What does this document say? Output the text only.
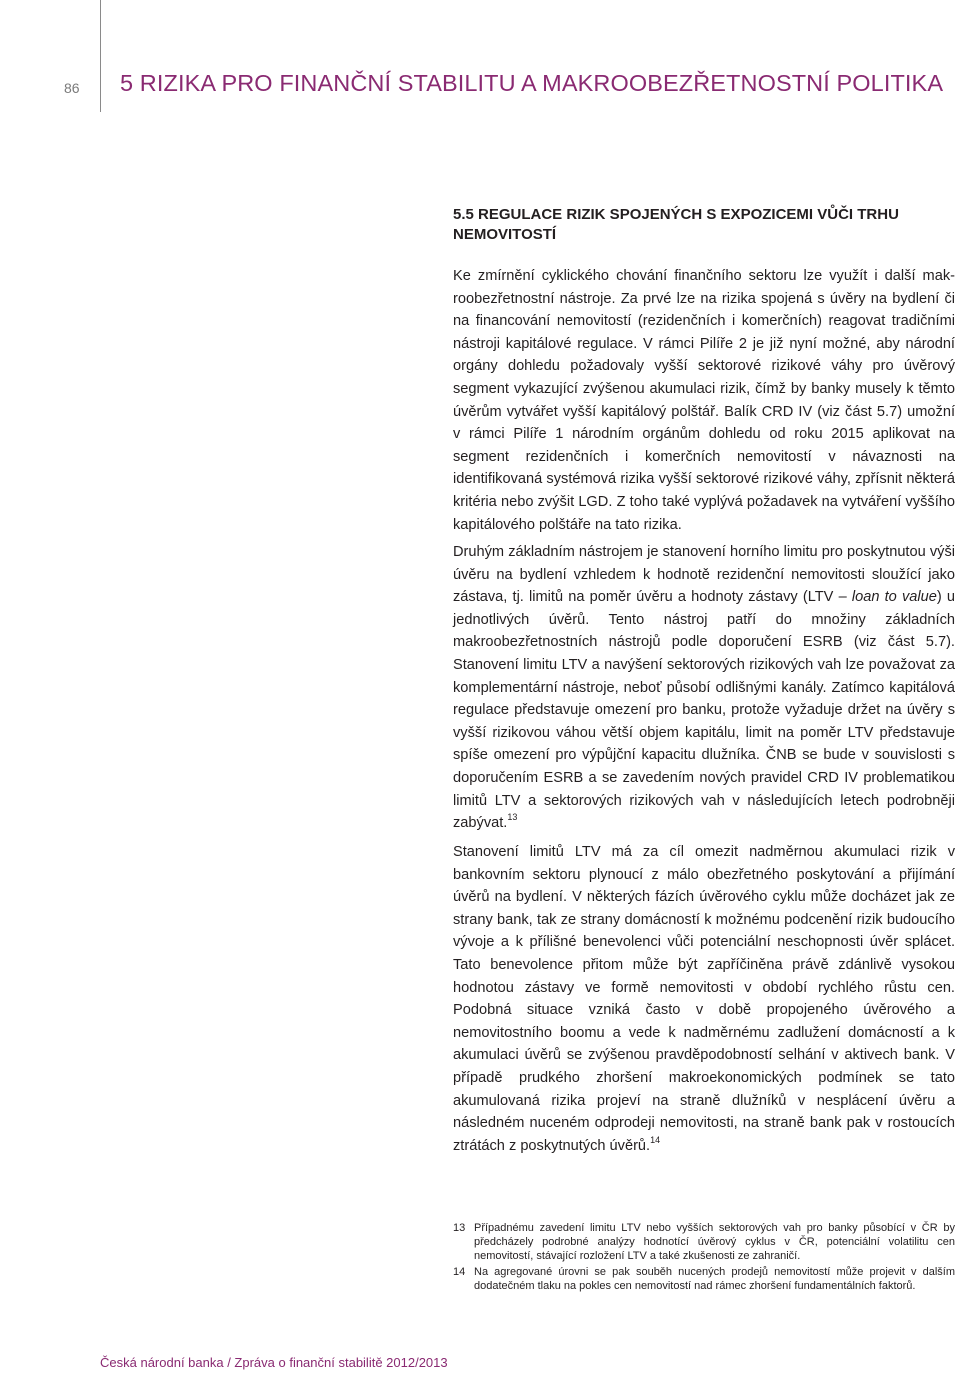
86 5 RIZIKA PRO FINANČNÍ STABILITU A MAKROOBEZŘETNOSTNÍ POLITIKA
5.5 REGULACE RIZIK SPOJENÝCH S EXPOZICEMI VŮČI TRHU NEMOVITOSTÍ

Ke zmírnění cyklického chování finančního sektoru lze využít i další makroobezřetnostní nástroje. Za prvé lze na rizika spojená s úvěry na bydlení či na financování nemovitostí (rezidenčních i komerčních) reagovat tradičními nástroji kapitálové regulace. V rámci Pilíře 2 je již nyní možné, aby národní orgány dohledu požadovaly vyšší sektorové rizikové váhy pro úvěrový segment vykazující zvýšenou akumulaci rizik, čímž by banky musely k těmto úvěrům vytvářet vyšší kapitálový polštář. Balík CRD IV (viz část 5.7) umožní v rámci Pilíře 1 národním orgánům dohledu od roku 2015 aplikovat na segment rezidenčních i komerčních nemovitostí v návaznosti na identifikovaná systémová rizika vyšší sektorové rizikové váhy, zpřísnit některá kritéria nebo zvýšit LGD. Z toho také vyplývá požadavek na vytváření vyššího kapitálového polštáře na tato rizika.

Druhým základním nástrojem je stanovení horního limitu pro poskytnutou výši úvěru na bydlení vzhledem k hodnotě rezidenční nemovitosti sloužící jako zástava, tj. limitů na poměr úvěru a hodnoty zástavy (LTV – loan to value) u jednotlivých úvěrů. Tento nástroj patří do množiny základních makroobezřetnostních nástrojů podle doporučení ESRB (viz část 5.7). Stanovení limitu LTV a navýšení sektorových rizikových vah lze považovat za komplementární nástroje, neboť působí odlišnými kanály. Zatímco kapitálová regulace představuje omezení pro banku, protože vyžaduje držet na úvěry s vyšší rizikovou váhou větší objem kapitálu, limit na poměr LTV představuje spíše omezení pro výpůjční kapacitu dlužníka. ČNB se bude v souvislosti s doporučením ESRB a se zavedením nových pravidel CRD IV problematikou limitů LTV a sektorových rizikových vah v následujících letech podrobněji zabývat.$^{13}$

Stanovení limitů LTV má za cíl omezit nadměrnou akumulaci rizik v bankovním sektoru plynoucí z málo obezřetného poskytování a přijímání úvěrů na bydlení. V některých fázích úvěrového cyklu může docházet jak ze strany bank, tak ze strany domácností k možnému podcenění rizik budoucího vývoje a k přílišné benevolenci vůči potenciální neschopnosti úvěr splácet. Tato benevolence přitom může být zapříčiněna právě zdánlivě vysokou hodnotou zástavy ve formě nemovitosti v období rychlého růstu cen. Podobná situace vzniká často v době propojeného úvěrového a nemovitostního boomu a vede k nadměrnému zadlužení domácností a k akumulaci úvěrů se zvýšenou pravděpodobností selhání v aktivech bank. V případě prudkého zhoršení makroekonomických podmínek se tato akumulovaná rizika projeví na straně dlužníků v nesplácení úvěru a následném nuceném odprodeji nemovitosti, na straně bank pak v rostoucích ztrátách z poskytnutých úvěrů.$^{14}$

13 Případnému zavedení limitu LTV nebo vyšších sektorových vah pro banky působící v ČR by předcházely podrobné analýzy hodnotící úvěrový cyklus v ČR, potenciální volatilitu cen nemovitostí, stávající rozložení LTV a také zkušenosti ze zahraničí.
14 Na agregované úrovni se pak souběh nucených prodejů nemovitostí může projevit v dalším dodatečném tlaku na pokles cen nemovitostí nad rámec zhoršení fundamentálních faktorů.
Česká národní banka / Zpráva o finanční stabilitě 2012/2013
